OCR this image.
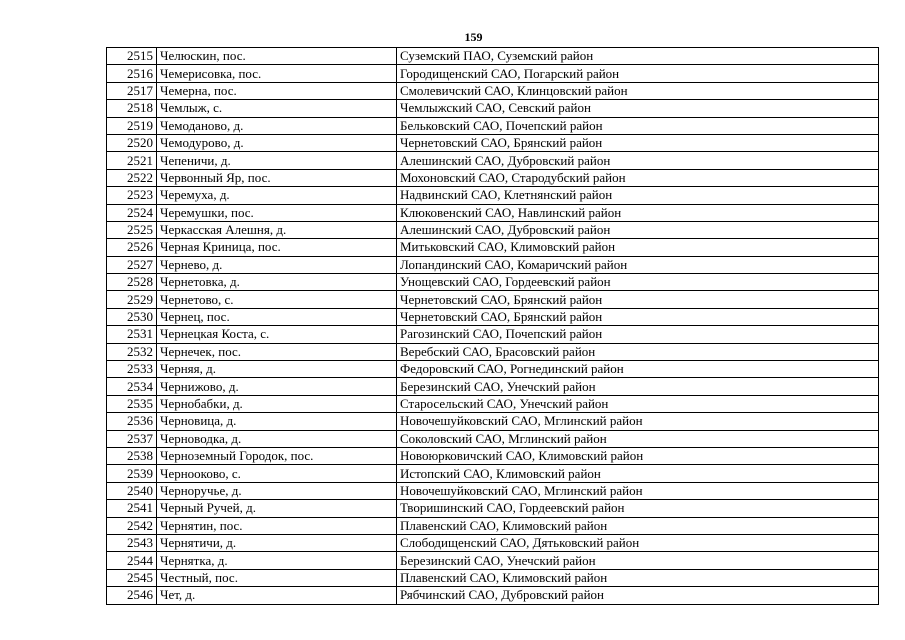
159
2515	Челюскин, пос.	Суземский ПАО, Суземский район
2516	Чемерисовка, пос.	Городищенский САО, Погарский район
2517	Чемерна, пос.	Смолевичский САО, Клинцовский район
2518	Чемлыж, с.	Чемлыжский САО, Севский район
2519	Чемоданово, д.	Бельковский САО, Почепский район
2520	Чемодурово, д.	Чернетовский САО, Брянский район
2521	Чепеничи, д.	Алешинский САО, Дубровский район
2522	Червонный Яр, пос.	Мохоновский САО, Стародубский район
2523	Черемуха, д.	Надвинский САО, Клетнянский район
2524	Черемушки, пос.	Клюковенский САО, Навлинский район
2525	Черкасская Алешня, д.	Алешинский САО, Дубровский район
2526	Черная Криница, пос.	Митьковский САО, Климовский район
2527	Чернево, д.	Лопандинский САО, Комаричский район
2528	Чернетовка, д.	Унощевский САО, Гордеевский район
2529	Чернетово, с.	Чернетовский САО, Брянский район
2530	Чернец, пос.	Чернетовский САО, Брянский район
2531	Чернецкая Коста, с.	Рагозинский САО, Почепский район
2532	Чернечек, пос.	Веребский САО, Брасовский район
2533	Черняя, д.	Федоровский САО, Рогнединский район
2534	Чернижово, д.	Березинский САО, Унечский район
2535	Чернобабки, д.	Старосельский САО, Унечский район
2536	Черновица, д.	Новочешуйковский САО, Мглинский район
2537	Черноводка, д.	Соколовский САО, Мглинский район
2538	Черноземный Городок, пос.	Новоюрковичский САО, Климовский район
2539	Чернооково, с.	Истопский САО, Климовский район
2540	Черноручье, д.	Новочешуйковский САО, Мглинский район
2541	Черный Ручей, д.	Творишинский САО, Гордеевский район
2542	Чернятин, пос.	Плавенский САО, Климовский район
2543	Чернятичи, д.	Слободищенский САО, Дятьковский район
2544	Чернятка, д.	Березинский САО, Унечский район
2545	Честный, пос.	Плавенский САО, Климовский район
2546	Чет, д.	Рябчинский САО, Дубровский район
